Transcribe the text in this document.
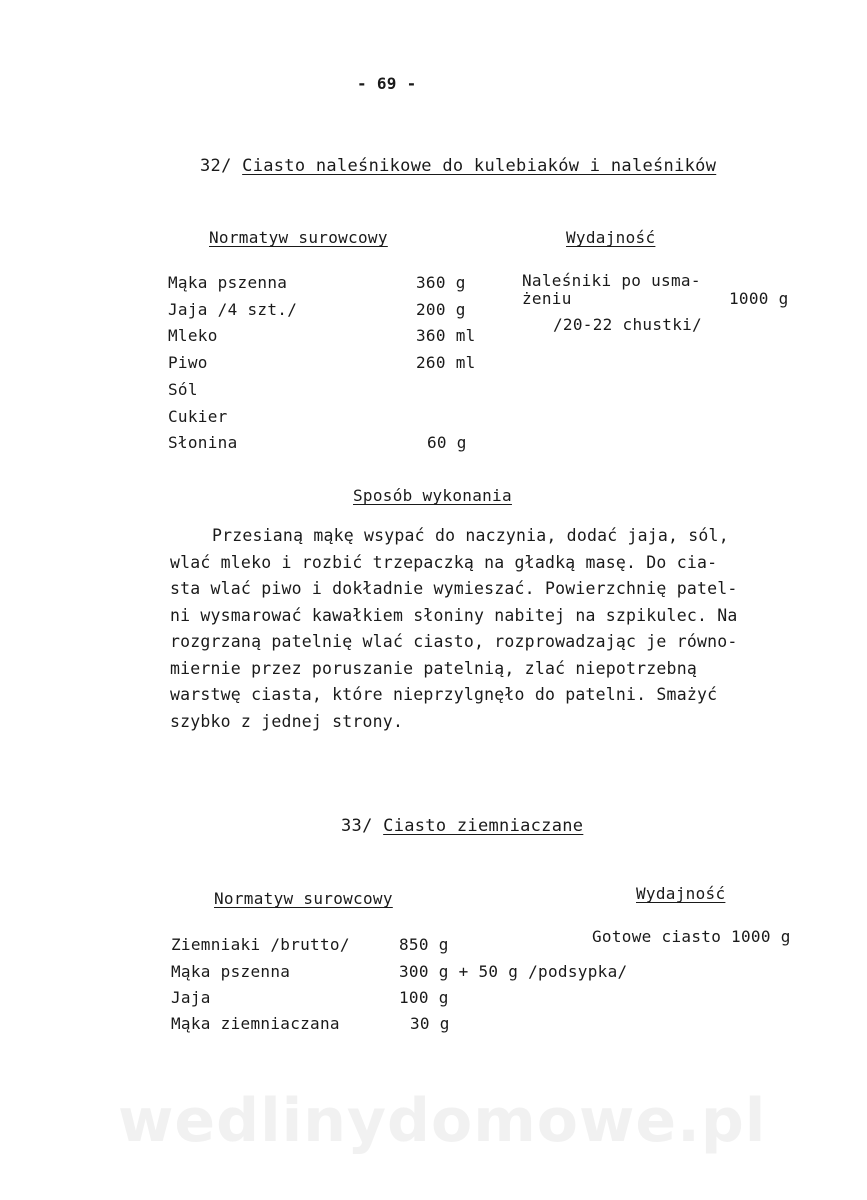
- 69 -
32/ Ciasto naleśnikowe do kulebiaków i naleśników
Normatyw surowcowy	Wydajność
Mąka pszenna	360 g
Jaja /4 szt./	200 g
Mleko	360 ml
Piwo	260 ml
Sól
Cukier
Słonina	60 g
Naleśniki po usma-
żeniu	1000 g
/20-22 chustki/
Sposób wykonania
Przesianą mąkę wsypać do naczynia, dodać jaja, sól,
wlać mleko i rozbić trzepaczką na gładką masę. Do cia-
sta wlać piwo i dokładnie wymieszać. Powierzchnię patel-
ni wysmarować kawałkiem słoniny nabitej na szpikulec. Na
rozgrzaną patelnię wlać ciasto, rozprowadzając je równo-
miernie przez poruszanie patelnią, zlać niepotrzebną
warstwę ciasta, które nieprzylgnęło do patelni. Smażyć
szybko z jednej strony.
33/ Ciasto ziemniaczane
Normatyw surowcowy	Wydajność
Gotowe ciasto 1000 g
Ziemniaki /brutto/	850 g
Mąka pszenna	300 g + 50 g /podsypka/
Jaja	100 g
Mąka ziemniaczana	30 g
wedlinydomowe.pl
